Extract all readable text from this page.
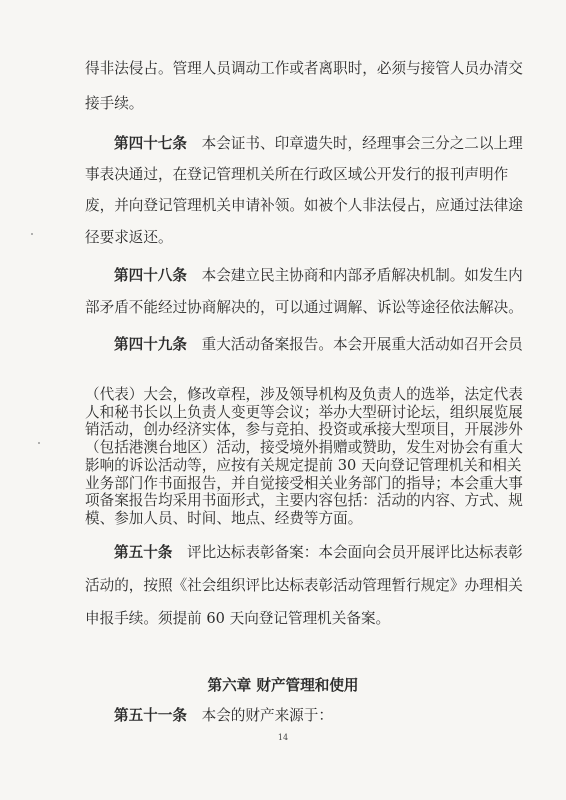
得非法侵占。管理人员调动工作或者离职时，必须与接管人员办清交
接手续。
第四十七条　 本会证书、印章遗失时，经理事会三分之二以上理
事表决通过，在登记管理机关所在行政区域公开发行的报刊声明作
废，并向登记管理机关申请补领。如被个人非法侵占，应通过法律途
径要求返还。
第四十八条　 本会建立民主协商和内部矛盾解决机制。如发生内
部矛盾不能经过协商解决的，可以通过调解、诉讼等途径依法解决。
第四十九条　 重大活动备案报告。本会开展重大活动如召开会员
（代表）大会，修改章程，涉及领导机构及负责人的选举，法定代表
人和秘书长以上负责人变更等会议；举办大型研讨论坛，组织展览展
销活动，创办经济实体，参与竞拍、投资或承接大型项目，开展涉外
（包括港澳台地区）活动，接受境外捐赠或赞助，发生对协会有重大
影响的诉讼活动等，应按有关规定提前 30 天向登记管理机关和相关
业务部门作书面报告，并自觉接受相关业务部门的指导；本会重大事
项备案报告均采用书面形式，主要内容包括：活动的内容、方式、规
模、参加人员、时间、地点、经费等方面。
第五十条　 评比达标表彰备案：本会面向会员开展评比达标表彰
活动的，按照《社会组织评比达标表彰活动管理暂行规定》办理相关
申报手续。须提前 60 天向登记管理机关备案。
第六章 财产管理和使用
第五十一条　 本会的财产来源于：
14
